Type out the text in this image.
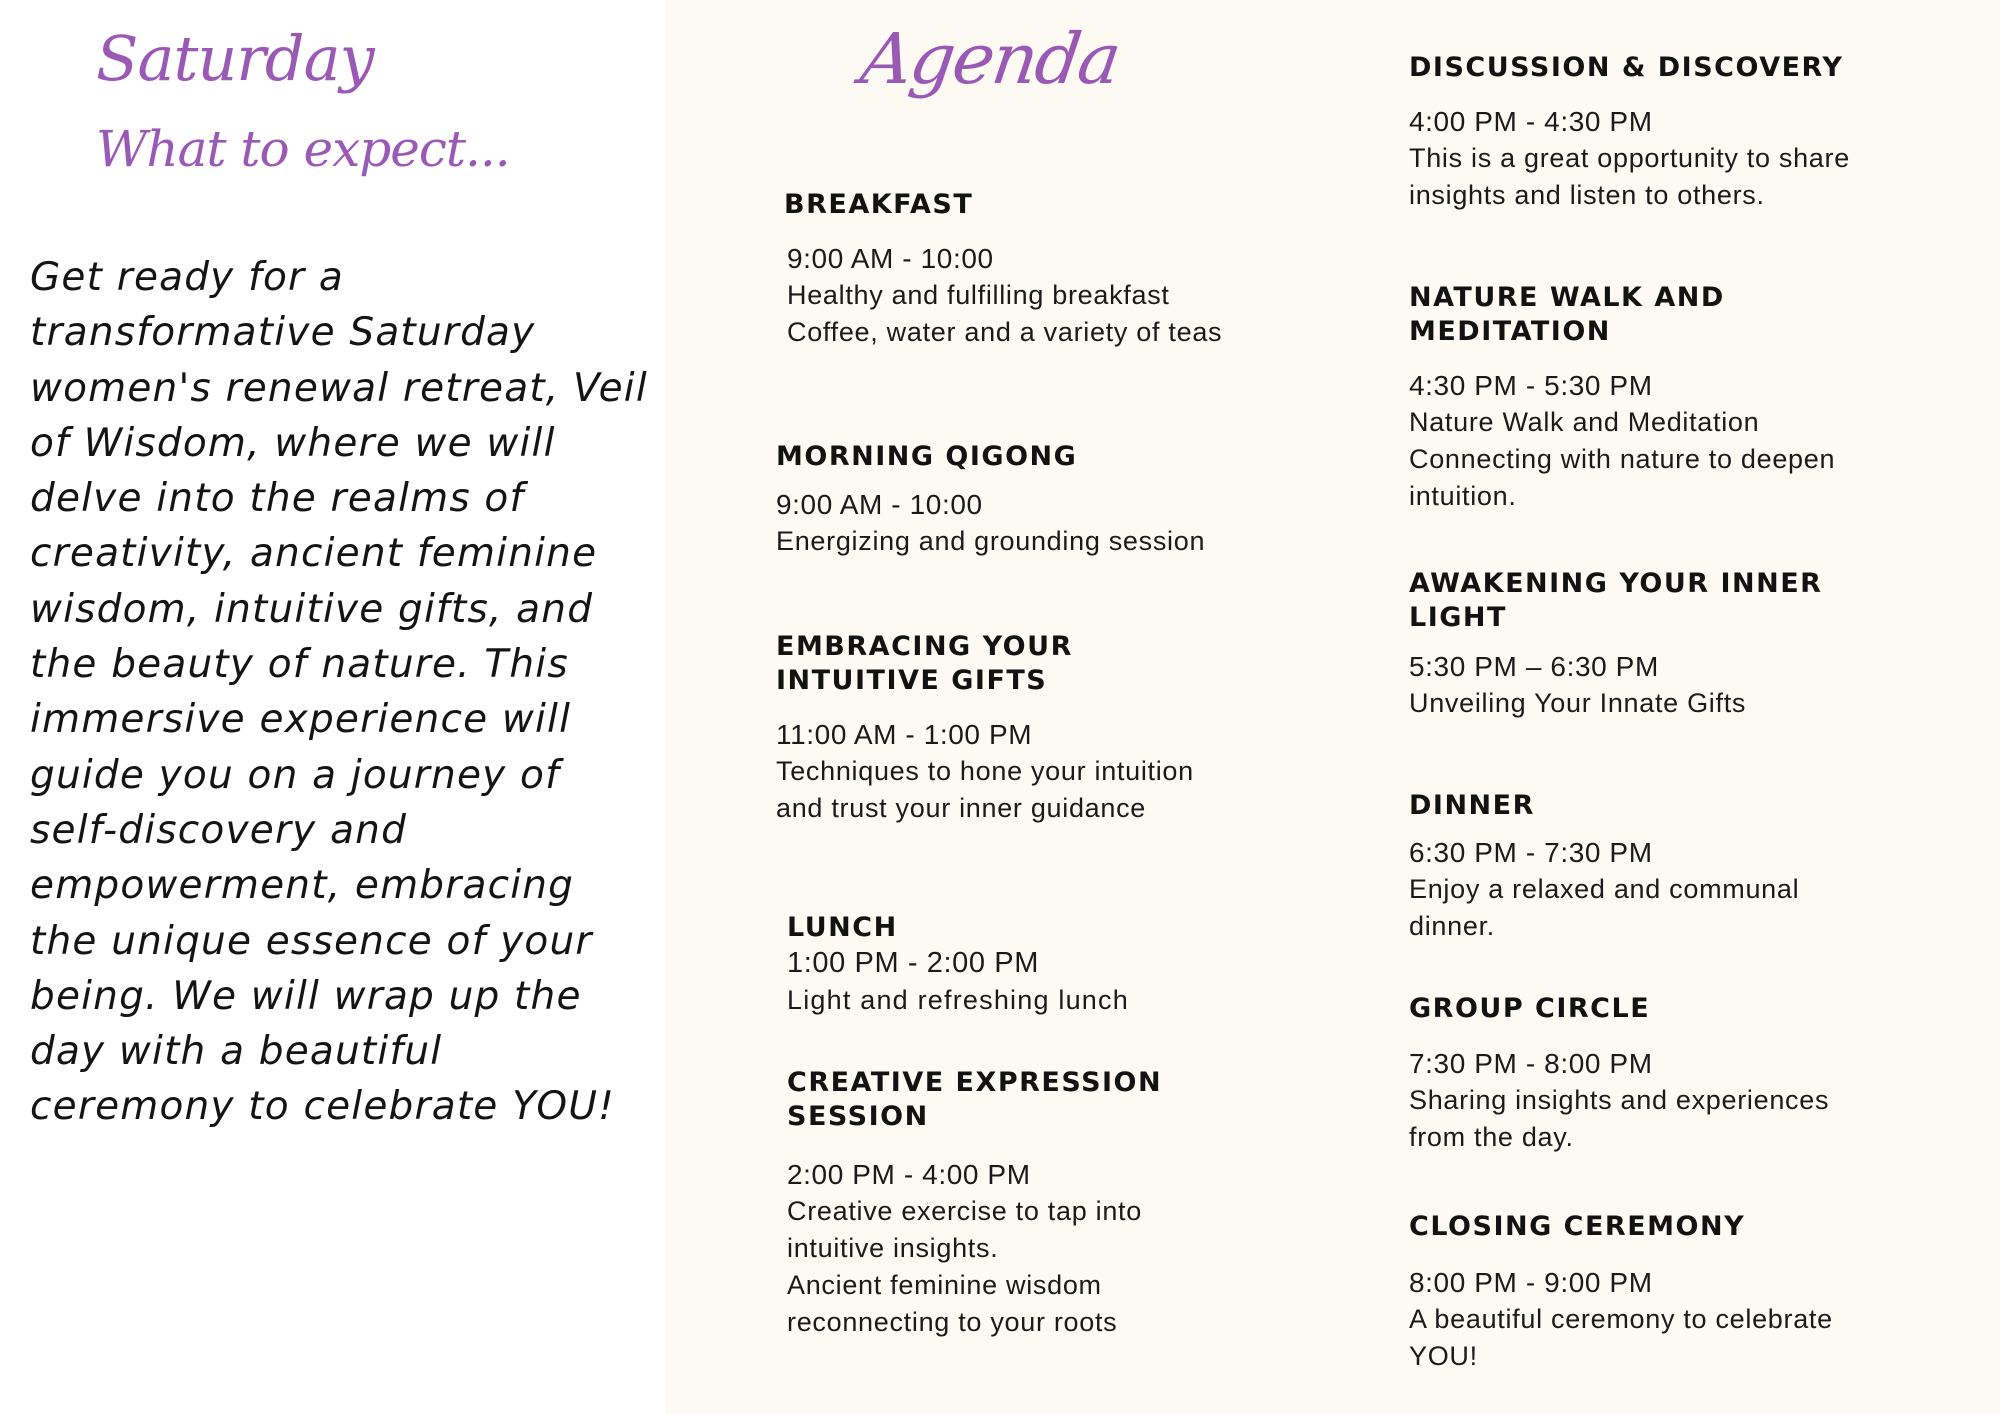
Saturday
What to expect...

Get ready for a transformative Saturday women's renewal retreat, Veil of Wisdom, where we will delve into the realms of creativity, ancient feminine wisdom, intuitive gifts, and the beauty of nature. This immersive experience will guide you on a journey of self-discovery and empowerment, embracing the unique essence of your being. We will wrap up the day with a beautiful ceremony to celebrate YOU!

Agenda
BREAKFAST

9:00 AM - 10:00

Healthy and fulfilling breakfast
Coffee, water and a variety of teas

MORNING QIGONG

9:00 AM - 10:00

Energizing and grounding session

EMBRACING YOUR INTUITIVE GIFTS

11:00 AM - 1:00 PM

Techniques to hone your intuition and trust your inner guidance

LUNCH

1:00 PM - 2:00 PM

Light and refreshing lunch

CREATIVE EXPRESSION SESSION

2:00 PM - 4:00 PM

Creative exercise to tap into intuitive insights.
Ancient feminine wisdom reconnecting to your roots

DISCUSSION & DISCOVERY

4:00 PM - 4:30 PM

This is a great opportunity to share insights and listen to others.

NATURE WALK AND MEDITATION

4:30 PM - 5:30 PM

Nature Walk and Meditation
Connecting with nature to deepen intuition.

AWAKENING YOUR INNER LIGHT

5:30 PM – 6:30 PM

Unveiling Your Innate Gifts

DINNER

6:30 PM - 7:30 PM

Enjoy a relaxed and communal dinner.

GROUP CIRCLE

7:30 PM - 8:00 PM

Sharing insights and experiences from the day.

CLOSING CEREMONY

8:00 PM - 9:00 PM

A beautiful ceremony to celebrate YOU!
